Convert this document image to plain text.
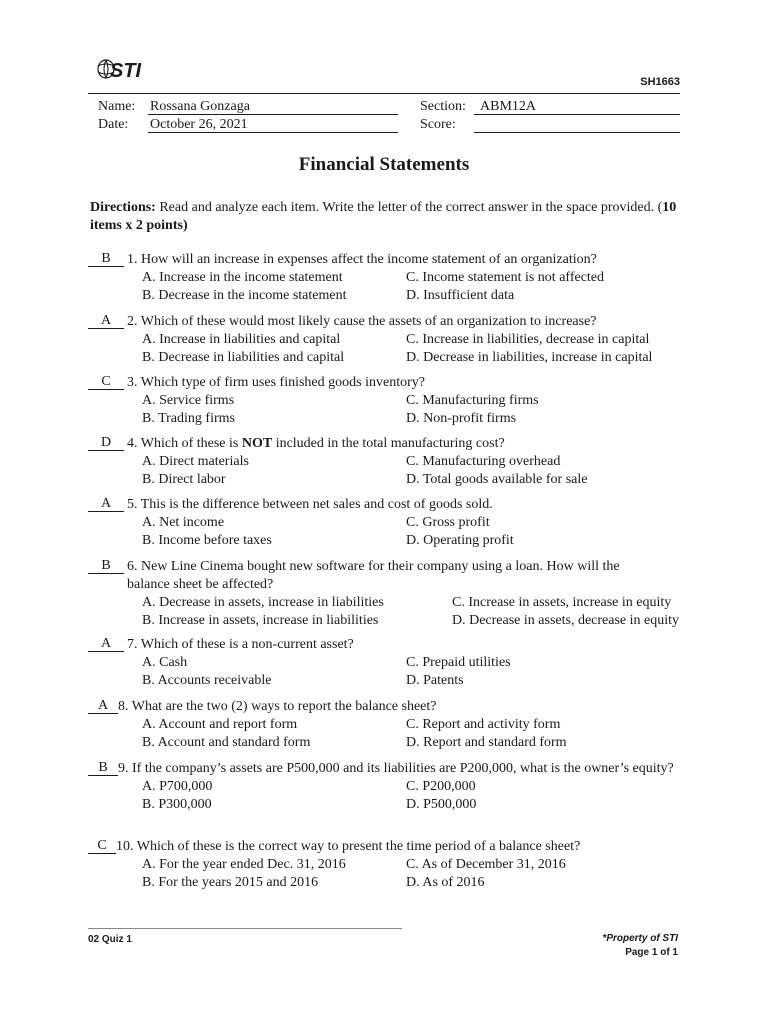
STI	SH1663
Name: Rossana Gonzaga
Date: October 26, 2021
Section: ABM12A
Score:
Financial Statements
Directions: Read and analyze each item. Write the letter of the correct answer in the space provided. (10 items x 2 points)
B	1. How will an increase in expenses affect the income statement of an organization?
A. Increase in the income statement	C. Income statement is not affected
B. Decrease in the income statement	D. Insufficient data
A	2. Which of these would most likely cause the assets of an organization to increase?
A. Increase in liabilities and capital	C. Increase in liabilities, decrease in capital
B. Decrease in liabilities and capital	D. Decrease in liabilities, increase in capital
C	3. Which type of firm uses finished goods inventory?
A. Service firms	C. Manufacturing firms
B. Trading firms	D. Non-profit firms
D	4. Which of these is NOT included in the total manufacturing cost?
A. Direct materials	C. Manufacturing overhead
B. Direct labor	D. Total goods available for sale
A	5. This is the difference between net sales and cost of goods sold.
A. Net income	C. Gross profit
B. Income before taxes	D. Operating profit
B	6. New Line Cinema bought new software for their company using a loan. How will the balance sheet be affected?
A. Decrease in assets, increase in liabilities	C. Increase in assets, increase in equity
B. Increase in assets, increase in liabilities	D. Decrease in assets, decrease in equity
A	7. Which of these is a non-current asset?
A. Cash	C. Prepaid utilities
B. Accounts receivable	D. Patents
A 8. What are the two (2) ways to report the balance sheet?
A. Account and report form	C. Report and activity form
B. Account and standard form	D. Report and standard form
B 9. If the company’s assets are P500,000 and its liabilities are P200,000, what is the owner’s equity?
A. P700,000	C. P200,000
B. P300,000	D. P500,000
C 10. Which of these is the correct way to present the time period of a balance sheet?
A. For the year ended Dec. 31, 2016	C. As of December 31, 2016
B. For the years 2015 and 2016	D. As of 2016
02 Quiz 1	*Property of STI
Page 1 of 1
